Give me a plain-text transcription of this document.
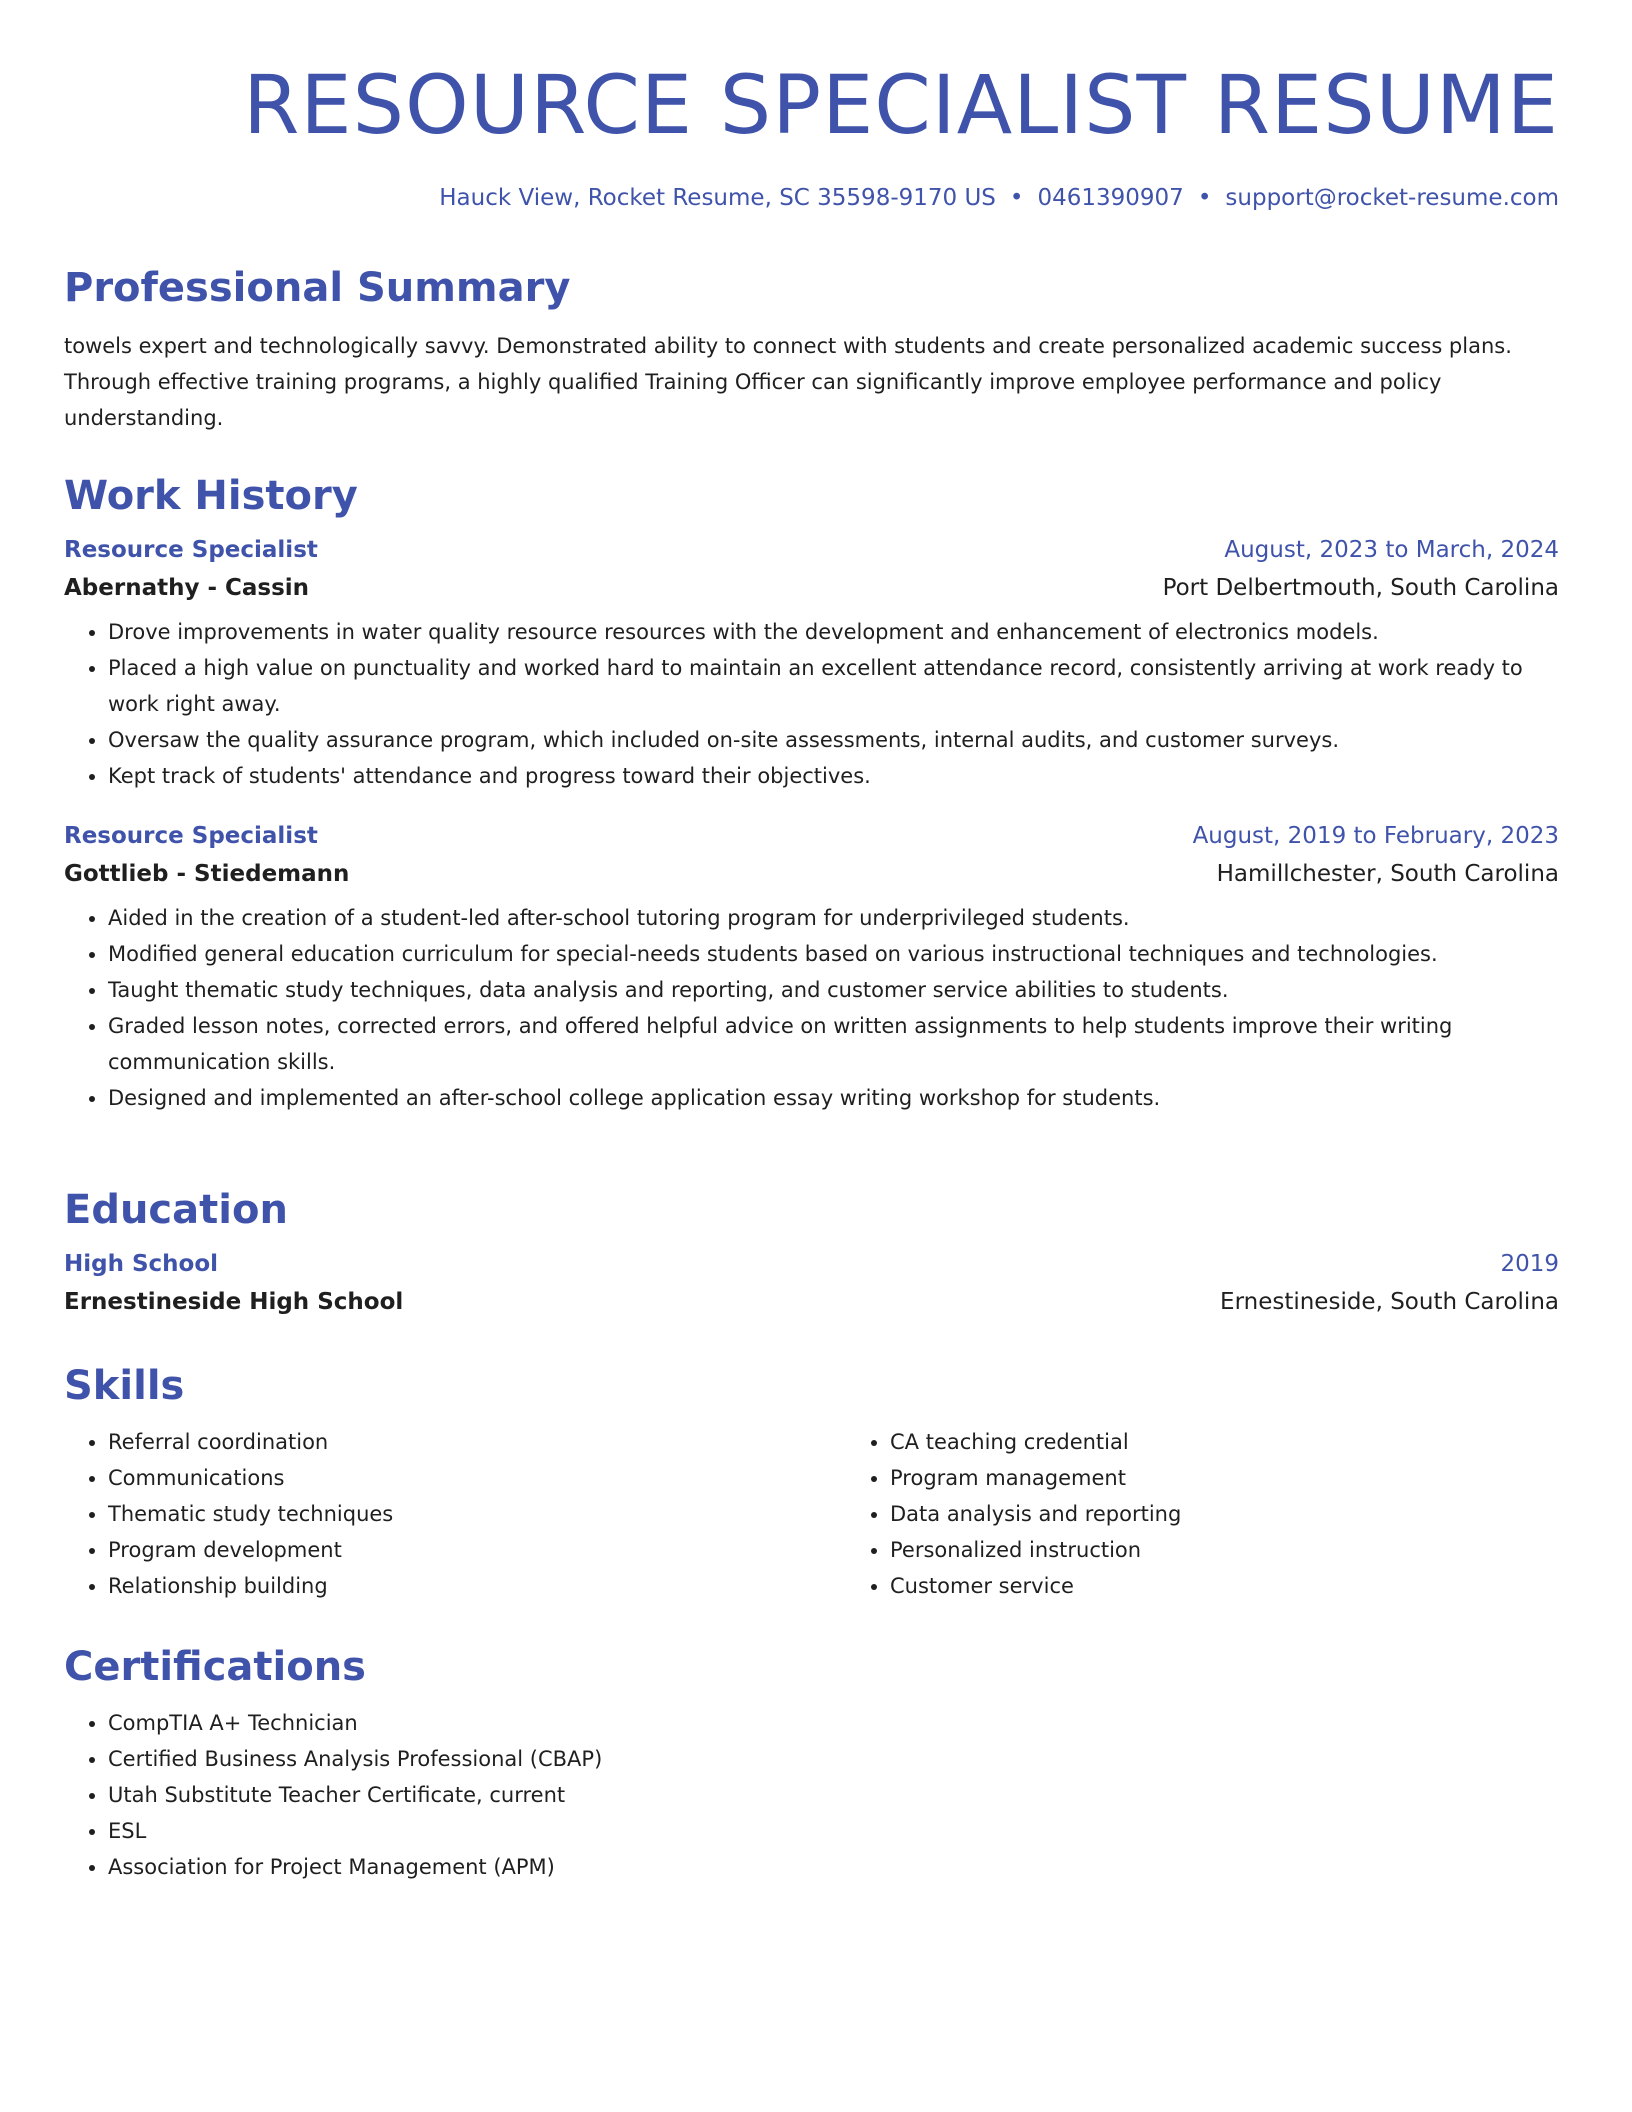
RESOURCE SPECIALIST RESUME
Hauck View, Rocket Resume, SC 35598-9170 US • 0461390907 • support@rocket-resume.com
Professional Summary

towels expert and technologically savvy. Demonstrated ability to connect with students and create personalized academic success plans. Through effective training programs, a highly qualified Training Officer can significantly improve employee performance and policy understanding.

Work History
Resource Specialist	August, 2023 to March, 2024
Abernathy - Cassin	Port Delbertmouth, South Carolina
• Drove improvements in water quality resource resources with the development and enhancement of electronics models.
• Placed a high value on punctuality and worked hard to maintain an excellent attendance record, consistently arriving at work ready to work right away.
• Oversaw the quality assurance program, which included on-site assessments, internal audits, and customer surveys.
• Kept track of students' attendance and progress toward their objectives.
Resource Specialist	August, 2019 to February, 2023
Gottlieb - Stiedemann	Hamillchester, South Carolina
• Aided in the creation of a student-led after-school tutoring program for underprivileged students.
• Modified general education curriculum for special-needs students based on various instructional techniques and technologies.
• Taught thematic study techniques, data analysis and reporting, and customer service abilities to students.
• Graded lesson notes, corrected errors, and offered helpful advice on written assignments to help students improve their writing communication skills.
• Designed and implemented an after-school college application essay writing workshop for students.
Education
High School	2019
Ernestineside High School	Ernestineside, South Carolina
Skills
• Referral coordination
• Communications
• Thematic study techniques
• Program development
• Relationship building
• CA teaching credential
• Program management
• Data analysis and reporting
• Personalized instruction
• Customer service
Certifications
• CompTIA A+ Technician
• Certified Business Analysis Professional (CBAP)
• Utah Substitute Teacher Certificate, current
• ESL
• Association for Project Management (APM)
